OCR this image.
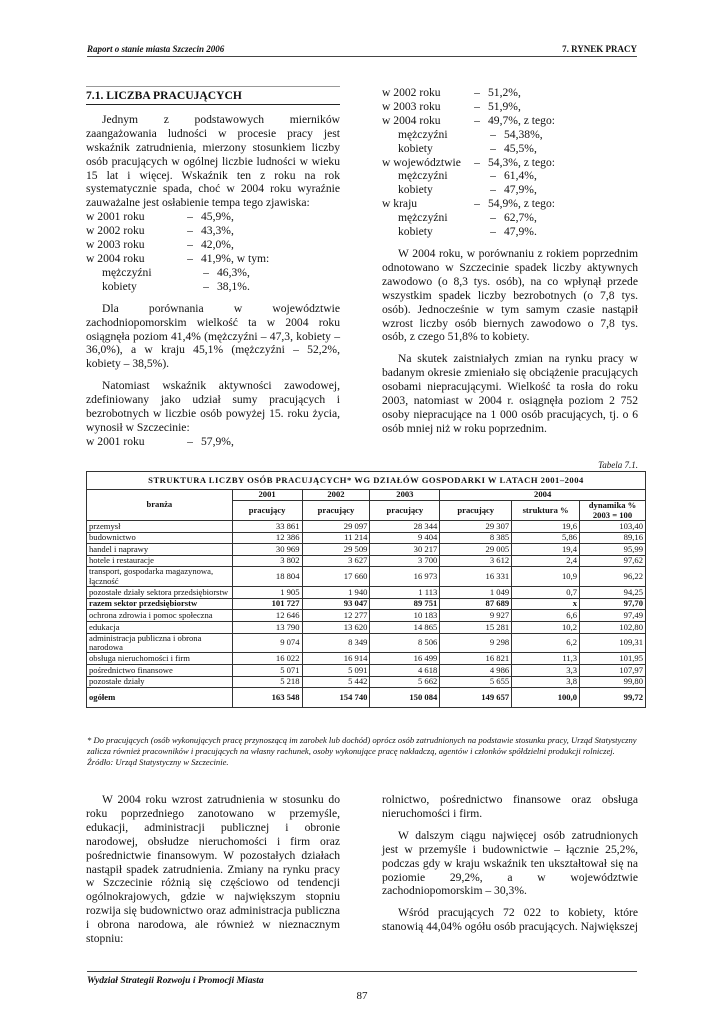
Raport o stanie miasta Szczecin 2006	7. RYNEK PRACY
7.1. LICZBA PRACUJĄCYCH

Jednym z podstawowych mierników zaangażowania ludności w procesie pracy jest wskaźnik zatrudnienia, mierzony stosunkiem liczby osób pracujących w ogólnej liczbie ludności w wieku 15 lat i więcej. Wskaźnik ten z roku na rok systematycznie spada, choć w 2004 roku wyraźnie zauważalne jest osłabienie tempa tego zjawiska:

w 2001 roku	– 45,9%,
w 2002 roku	– 43,3%,
w 2003 roku	– 42,0%,
w 2004 roku	– 41,9%, w tym:
mężczyźni	– 46,3%,
kobiety	– 38,1%.

Dla porównania w województwie zachodniopomorskim wielkość ta w 2004 roku osiągnęła poziom 41,4% (mężczyźni – 47,3, kobiety – 36,0%), a w kraju 45,1% (mężczyźni – 52,2%, kobiety – 38,5%).

Natomiast wskaźnik aktywności zawodowej, zdefiniowany jako udział sumy pracujących i bezrobotnych w liczbie osób powyżej 15. roku życia, wynosił w Szczecinie:

w 2001 roku	– 57,9%,
w 2002 roku	– 51,2%,
w 2003 roku	– 51,9%,
w 2004 roku	– 49,7%, z tego:
mężczyźni	– 54,38%,
kobiety	– 45,5%,
w województwie	– 54,3%, z tego:
mężczyźni	– 61,4%,
kobiety	– 47,9%,
w kraju	– 54,9%, z tego:
mężczyźni	– 62,7%,
kobiety	– 47,9%.

W 2004 roku, w porównaniu z rokiem poprzednim odnotowano w Szczecinie spadek liczby aktywnych zawodowo (o 8,3 tys. osób), na co wpłynął przede wszystkim spadek liczby bezrobotnych (o 7,8 tys. osób). Jednocześnie w tym samym czasie nastąpił wzrost liczby osób biernych zawodowo o 7,8 tys. osób, z czego 51,8% to kobiety.

Na skutek zaistniałych zmian na rynku pracy w badanym okresie zmieniało się obciążenie pracujących osobami niepracującymi. Wielkość ta rosła do roku 2003, natomiast w 2004 r. osiągnęła poziom 2 752 osoby niepracujące na 1 000 osób pracujących, tj. o 6 osób mniej niż w roku poprzednim.

Tabela 7.1.
STRUKTURA LICZBY OSÓB PRACUJĄCYCH* WG DZIAŁÓW GOSPODARKI W LATACH 2001–2004						
branża	2001	2002	2003	2004		
	pracujący	pracujący	pracujący	pracujący	struktura %	dynamika %
2003 = 100
przemysł	33 861	29 097	28 344	29 307	19,6	103,40
budownictwo	12 386	11 214	9 404	8 385	5,86	89,16
handel i naprawy	30 969	29 509	30 217	29 005	19,4	95,99
hotele i restauracje	3 802	3 627	3 700	3 612	2,4	97,62
transport, gospodarka magazynowa, łączność	18 804	17 660	16 973	16 331	10,9	96,22
pozostałe działy sektora przedsiębiorstw	1 905	1 940	1 113	1 049	0,7	94,25
razem sektor przedsiębiorstw	101 727	93 047	89 751	87 689	x	97,70
ochrona zdrowia i pomoc społeczna	12 646	12 277	10 183	9 927	6,6	97,49
edukacja	13 790	13 620	14 865	15 281	10,2	102,80
administracja publiczna i obrona narodowa	9 074	8 349	8 506	9 298	6,2	109,31
obsługa nieruchomości i firm	16 022	16 914	16 499	16 821	11,3	101,95
pośrednictwo finansowe	5 071	5 091	4 618	4 986	3,3	107,97
pozostałe działy	5 218	5 442	5 662	5 655	3,8	99,80
ogółem	163 548	154 740	150 084	149 657	100,0	99,72
* Do pracujących (osób wykonujących pracę przynoszącą im zarobek lub dochód) oprócz osób zatrudnionych na podstawie stosunku pracy, Urząd Statystyczny zalicza również pracowników i pracujących na własny rachunek, osoby wykonujące pracę nakładczą, agentów i członków spółdzielni produkcji rolniczej.
Źródło: Urząd Statystyczny w Szczecinie.

W 2004 roku wzrost zatrudnienia w stosunku do roku poprzedniego zanotowano w przemyśle, edukacji, administracji publicznej i obronie narodowej, obsłudze nieruchomości i firm oraz pośrednictwie finansowym. W pozostałych działach nastąpił spadek zatrudnienia. Zmiany na rynku pracy w Szczecinie różnią się częściowo od tendencji ogólnokrajowych, gdzie w największym stopniu rozwija się budownictwo oraz administracja publiczna i obrona narodowa, ale również w nieznacznym stopniu:

rolnictwo, pośrednictwo finansowe oraz obsługa nieruchomości i firm.

W dalszym ciągu najwięcej osób zatrudnionych jest w przemyśle i budownictwie – łącznie 25,2%, podczas gdy w kraju wskaźnik ten ukształtował się na poziomie 29,2%, a w województwie zachodniopomorskim – 30,3%.

Wśród pracujących 72 022 to kobiety, które stanowią 44,04% ogółu osób pracujących. Największej

Wydział Strategii Rozwoju i Promocji Miasta
87
